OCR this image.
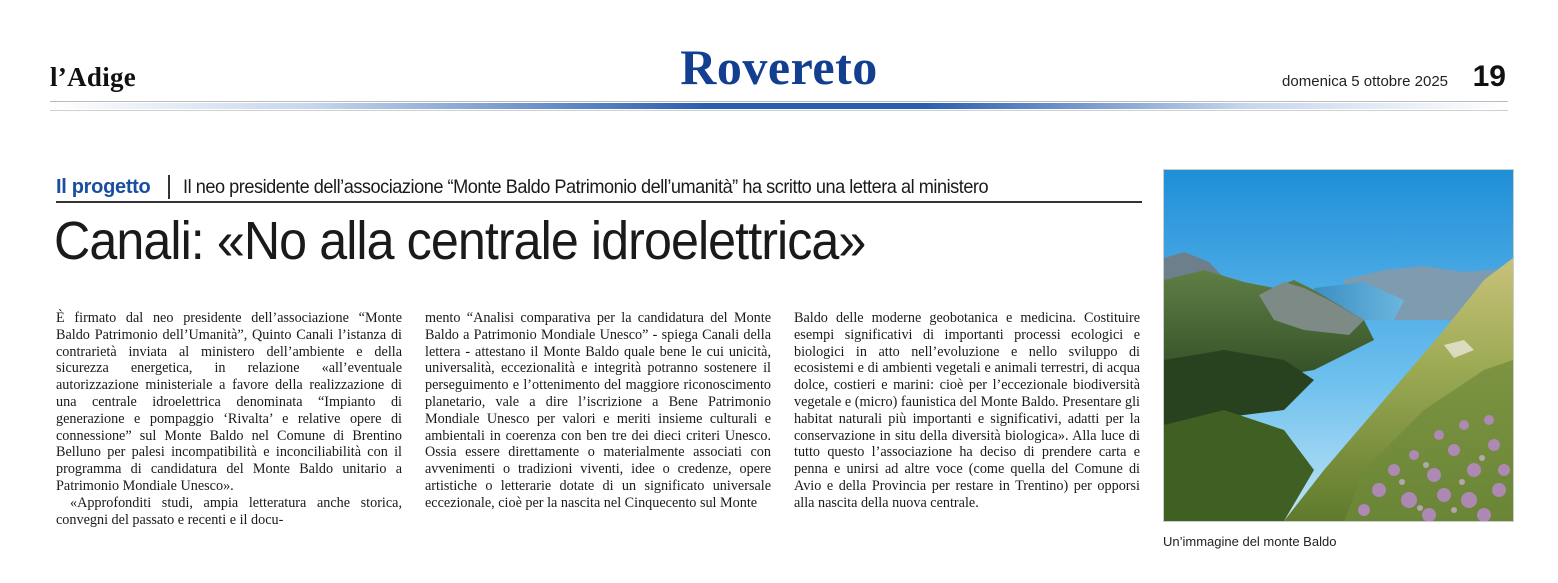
l’Adige	Rovereto	domenica 5 ottobre 2025 19
Il progetto Il neo presidente dell’associazione “Monte Baldo Patrimonio dell’umanità” ha scritto una lettera al ministero
Canali: «No alla centrale idroelettrica»

È firmato dal neo presidente dell’associazione “Monte Baldo Patrimonio dell’Umanità”, Quinto Canali l’istanza di contrarietà inviata al ministero dell’ambiente e della sicurezza energetica, in relazione «all’eventuale autorizzazione ministeriale a favore della realizzazione di una centrale idroelettrica denominata “Impianto di generazione e pompaggio ‘Rivalta’ e relative opere di connessione” sul Monte Baldo nel Comune di Brentino Belluno per palesi incompatibilità e inconciliabilità con il programma di candidatura del Monte Baldo unitario a Patrimonio Mondiale Unesco».

«Approfonditi studi, ampia letteratura anche storica, convegni del passato e recenti e il docu-

mento “Analisi comparativa per la candidatura del Monte Baldo a Patrimonio Mondiale Unesco” - spiega Canali della lettera - attestano il Monte Baldo quale bene le cui unicità, universalità, eccezionalità e integrità potranno sostenere il perseguimento e l’ottenimento del maggiore riconoscimento planetario, vale a dire l’iscrizione a Bene Patrimonio Mondiale Unesco per valori e meriti insieme culturali e ambientali in coerenza con ben tre dei dieci criteri Unesco. Ossia essere direttamente o materialmente associati con avvenimenti o tradizioni viventi, idee o credenze, opere artistiche o letterarie dotate di un significato universale eccezionale, cioè per la nascita nel Cinquecento sul Monte

Baldo delle moderne geobotanica e medicina. Costituire esempi significativi di importanti processi ecologici e biologici in atto nell’evoluzione e nello sviluppo di ecosistemi e di ambienti vegetali e animali terrestri, di acqua dolce, costieri e marini: cioè per l’eccezionale biodiversità vegetale e (micro) faunistica del Monte Baldo. Presentare gli habitat naturali più importanti e significativi, adatti per la conservazione in situ della diversità biologica». Alla luce di tutto questo l’associazione ha deciso di prendere carta e penna e unirsi ad altre voce (come quella del Comune di Avio e della Provincia per restare in Trentino) per opporsi alla nascita della nuova centrale.

Un’immagine del monte Baldo
